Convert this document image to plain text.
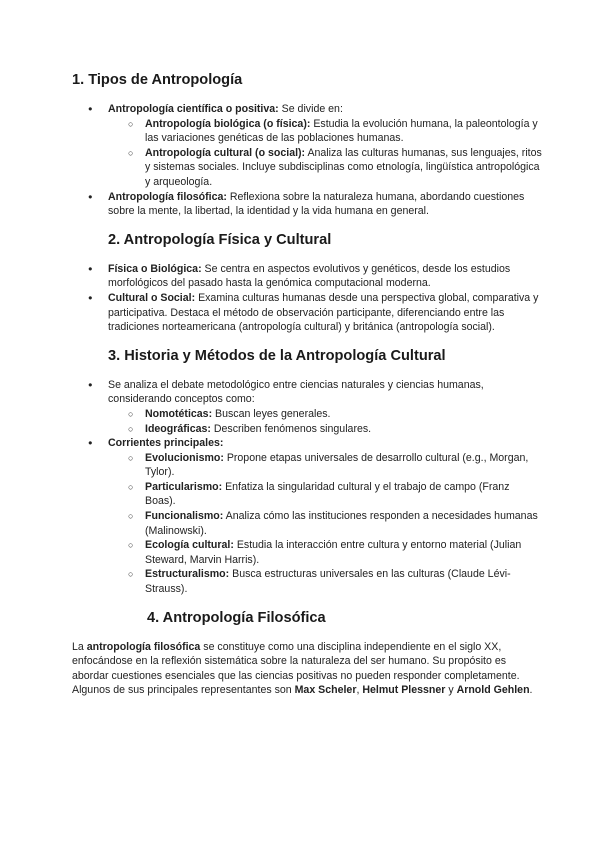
1. Tipos de Antropología
● Antropología científica o positiva: Se divide en:
○ Antropología biológica (o física): Estudia la evolución humana, la paleontología y las variaciones genéticas de las poblaciones humanas.
○ Antropología cultural (o social): Analiza las culturas humanas, sus lenguajes, ritos y sistemas sociales. Incluye subdisciplinas como etnología, lingüística antropológica y arqueología.
● Antropología filosófica: Reflexiona sobre la naturaleza humana, abordando cuestiones sobre la mente, la libertad, la identidad y la vida humana en general.
2. Antropología Física y Cultural
● Física o Biológica: Se centra en aspectos evolutivos y genéticos, desde los estudios morfológicos del pasado hasta la genómica computacional moderna.
● Cultural o Social: Examina culturas humanas desde una perspectiva global, comparativa y participativa. Destaca el método de observación participante, diferenciando entre las tradiciones norteamericana (antropología cultural) y británica (antropología social).
3. Historia y Métodos de la Antropología Cultural
● Se analiza el debate metodológico entre ciencias naturales y ciencias humanas, considerando conceptos como:
○ Nomotéticas: Buscan leyes generales.
○ Ideográficas: Describen fenómenos singulares.
● Corrientes principales:
○ Evolucionismo: Propone etapas universales de desarrollo cultural (e.g., Morgan, Tylor).
○ Particularismo: Enfatiza la singularidad cultural y el trabajo de campo (Franz Boas).
○ Funcionalismo: Analiza cómo las instituciones responden a necesidades humanas (Malinowski).
○ Ecología cultural: Estudia la interacción entre cultura y entorno material (Julian Steward, Marvin Harris).
○ Estructuralismo: Busca estructuras universales en las culturas (Claude Lévi-Strauss).
4. Antropología Filosófica

La antropología filosófica se constituye como una disciplina independiente en el siglo XX, enfocándose en la reflexión sistemática sobre la naturaleza del ser humano. Su propósito es abordar cuestiones esenciales que las ciencias positivas no pueden responder completamente. Algunos de sus principales representantes son Max Scheler, Helmut Plessner y Arnold Gehlen.
